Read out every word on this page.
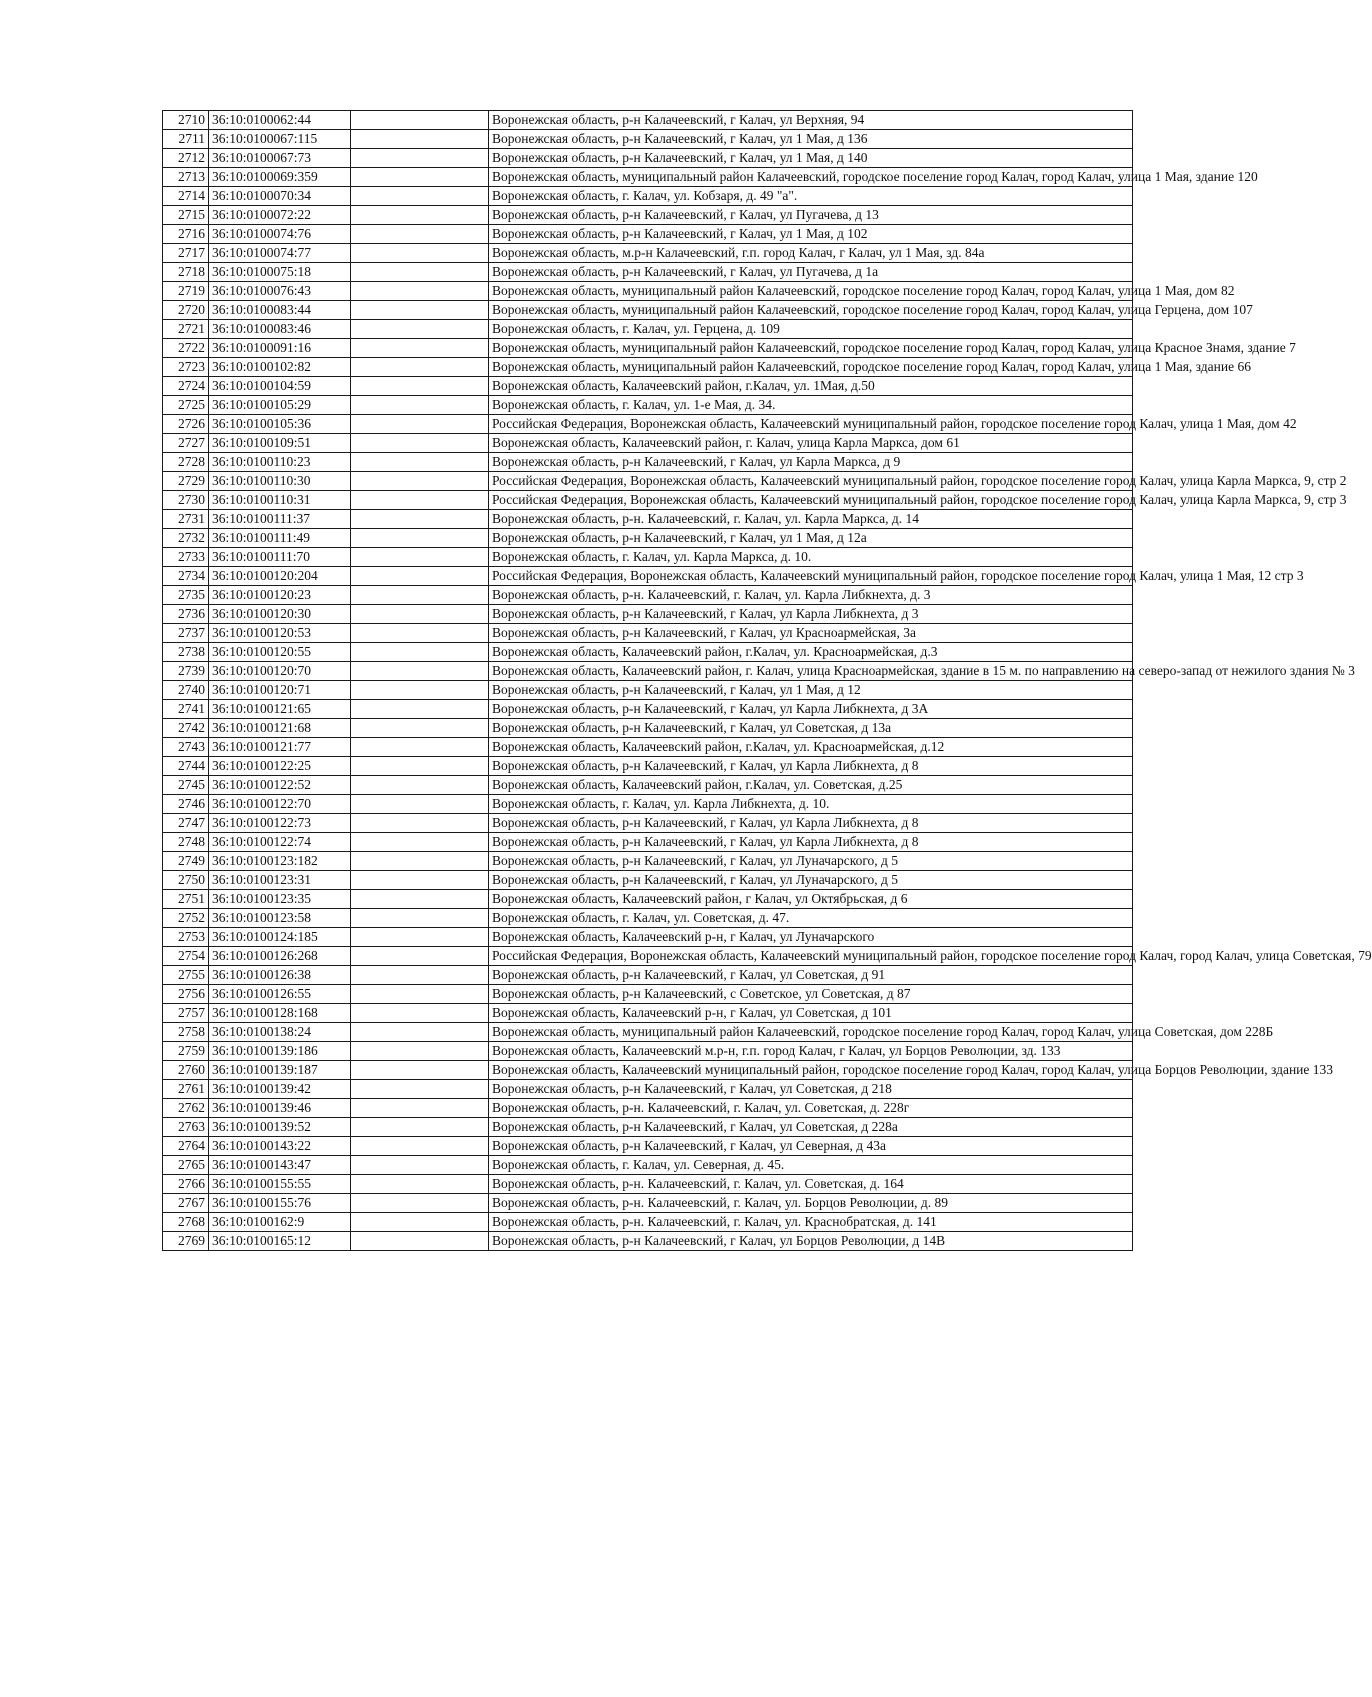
2710	36:10:0100062:44		Воронежская область, р-н Калачеевский, г Калач, ул Верхняя, 94
2711	36:10:0100067:115		Воронежская область, р-н Калачеевский, г Калач, ул 1 Мая, д 136
2712	36:10:0100067:73		Воронежская область, р-н Калачеевский, г Калач, ул 1 Мая, д 140
2713	36:10:0100069:359		Воронежская область, муниципальный район Калачеевский, городское поселение город Калач, город Калач, улица 1 Мая, здание 120
2714	36:10:0100070:34		Воронежская область, г. Калач, ул. Кобзаря, д. 49 "а".
2715	36:10:0100072:22		Воронежская область, р-н Калачеевский, г Калач, ул Пугачева, д 13
2716	36:10:0100074:76		Воронежская область, р-н Калачеевский, г Калач, ул 1 Мая, д 102
2717	36:10:0100074:77		Воронежская область, м.р-н Калачеевский, г.п. город Калач, г Калач, ул 1 Мая, зд. 84а
2718	36:10:0100075:18		Воронежская область, р-н Калачеевский, г Калач, ул Пугачева, д 1а
2719	36:10:0100076:43		Воронежская область, муниципальный район Калачеевский, городское поселение город Калач, город Калач, улица 1 Мая, дом 82
2720	36:10:0100083:44		Воронежская область, муниципальный район Калачеевский, городское поселение город Калач, город Калач, улица Герцена, дом 107
2721	36:10:0100083:46		Воронежская область, г. Калач, ул. Герцена, д. 109
2722	36:10:0100091:16		Воронежская область, муниципальный район Калачеевский, городское поселение город Калач, город Калач, улица Красное Знамя, здание 7
2723	36:10:0100102:82		Воронежская область, муниципальный район Калачеевский, городское поселение город Калач, город Калач, улица 1 Мая, здание 66
2724	36:10:0100104:59		Воронежская область, Калачеевский район, г.Калач, ул. 1Мая, д.50
2725	36:10:0100105:29		Воронежская область, г. Калач, ул. 1-е Мая, д. 34.
2726	36:10:0100105:36		Российская Федерация, Воронежская область, Калачеевский муниципальный район, городское поселение город Калач, улица 1 Мая, дом 42
2727	36:10:0100109:51		Воронежская область, Калачеевский район, г. Калач, улица Карла Маркса, дом 61
2728	36:10:0100110:23		Воронежская область, р-н Калачеевский, г Калач, ул Карла Маркса, д 9
2729	36:10:0100110:30		Российская Федерация, Воронежская область, Калачеевский муниципальный район, городское поселение город Калач, улица Карла Маркса, 9, стр 2
2730	36:10:0100110:31		Российская Федерация, Воронежская область, Калачеевский муниципальный район, городское поселение город Калач, улица Карла Маркса, 9, стр 3
2731	36:10:0100111:37		Воронежская область, р-н. Калачеевский, г. Калач, ул. Карла Маркса, д. 14
2732	36:10:0100111:49		Воронежская область, р-н Калачеевский, г Калач, ул 1 Мая, д 12а
2733	36:10:0100111:70		Воронежская область, г. Калач, ул. Карла Маркса, д. 10.
2734	36:10:0100120:204		Российская Федерация, Воронежская область, Калачеевский муниципальный район, городское поселение город Калач, улица 1 Мая, 12 стр 3
2735	36:10:0100120:23		Воронежская область, р-н. Калачеевский, г. Калач, ул. Карла Либкнехта, д. 3
2736	36:10:0100120:30		Воронежская область, р-н Калачеевский, г Калач, ул Карла Либкнехта, д 3
2737	36:10:0100120:53		Воронежская область, р-н Калачеевский, г Калач, ул Красноармейская, 3а
2738	36:10:0100120:55		Воронежская область, Калачеевский район, г.Калач, ул. Красноармейская, д.3
2739	36:10:0100120:70		Воронежская область, Калачеевский район, г. Калач, улица Красноармейская, здание в 15 м. по направлению на северо-запад от нежилого здания № 3
2740	36:10:0100120:71		Воронежская область, р-н Калачеевский, г Калач, ул 1 Мая, д 12
2741	36:10:0100121:65		Воронежская область, р-н Калачеевский, г Калач, ул Карла Либкнехта, д 3А
2742	36:10:0100121:68		Воронежская область, р-н Калачеевский, г Калач, ул Советская, д 13а
2743	36:10:0100121:77		Воронежская область, Калачеевский район, г.Калач, ул. Красноармейская, д.12
2744	36:10:0100122:25		Воронежская область, р-н Калачеевский, г Калач, ул Карла Либкнехта, д 8
2745	36:10:0100122:52		Воронежская область, Калачеевский район, г.Калач, ул. Советская, д.25
2746	36:10:0100122:70		Воронежская область, г. Калач, ул. Карла Либкнехта, д. 10.
2747	36:10:0100122:73		Воронежская область, р-н Калачеевский, г Калач, ул Карла Либкнехта, д 8
2748	36:10:0100122:74		Воронежская область, р-н Калачеевский, г Калач, ул Карла Либкнехта, д 8
2749	36:10:0100123:182		Воронежская область, р-н Калачеевский, г Калач, ул Луначарского, д 5
2750	36:10:0100123:31		Воронежская область, р-н Калачеевский, г Калач, ул Луначарского, д 5
2751	36:10:0100123:35		Воронежская область, Калачеевский район, г Калач, ул Октябрьская, д 6
2752	36:10:0100123:58		Воронежская область, г. Калач, ул. Советская, д. 47.
2753	36:10:0100124:185		Воронежская область, Калачеевский р-н, г Калач, ул Луначарского
2754	36:10:0100126:268		Российская Федерация, Воронежская область, Калачеевский муниципальный район, городское поселение город Калач, город Калач, улица Советская, 79
2755	36:10:0100126:38		Воронежская область, р-н Калачеевский, г Калач, ул Советская, д 91
2756	36:10:0100126:55		Воронежская область, р-н Калачеевский, с Советское, ул Советская, д 87
2757	36:10:0100128:168		Воронежская область, Калачеевский р-н, г Калач, ул Советская, д 101
2758	36:10:0100138:24		Воронежская область, муниципальный район Калачеевский, городское поселение город Калач, город Калач, улица Советская, дом 228Б
2759	36:10:0100139:186		Воронежская область, Калачеевский м.р-н, г.п. город Калач, г Калач, ул Борцов Революции, зд. 133
2760	36:10:0100139:187		Воронежская область, Калачеевский муниципальный район, городское поселение город Калач, город Калач, улица Борцов Революции, здание 133
2761	36:10:0100139:42		Воронежская область, р-н Калачеевский, г Калач, ул Советская, д 218
2762	36:10:0100139:46		Воронежская область, р-н. Калачеевский, г. Калач, ул. Советская, д. 228г
2763	36:10:0100139:52		Воронежская область, р-н Калачеевский, г Калач, ул Советская, д 228а
2764	36:10:0100143:22		Воронежская область, р-н Калачеевский, г Калач, ул Северная, д 43а
2765	36:10:0100143:47		Воронежская область, г. Калач, ул. Северная, д. 45.
2766	36:10:0100155:55		Воронежская область, р-н. Калачеевский, г. Калач, ул. Советская, д. 164
2767	36:10:0100155:76		Воронежская область, р-н. Калачеевский, г. Калач, ул. Борцов Революции, д. 89
2768	36:10:0100162:9		Воронежская область, р-н. Калачеевский, г. Калач, ул. Краснобратская, д. 141
2769	36:10:0100165:12		Воронежская область, р-н Калачеевский, г Калач, ул Борцов Революции, д 14В
